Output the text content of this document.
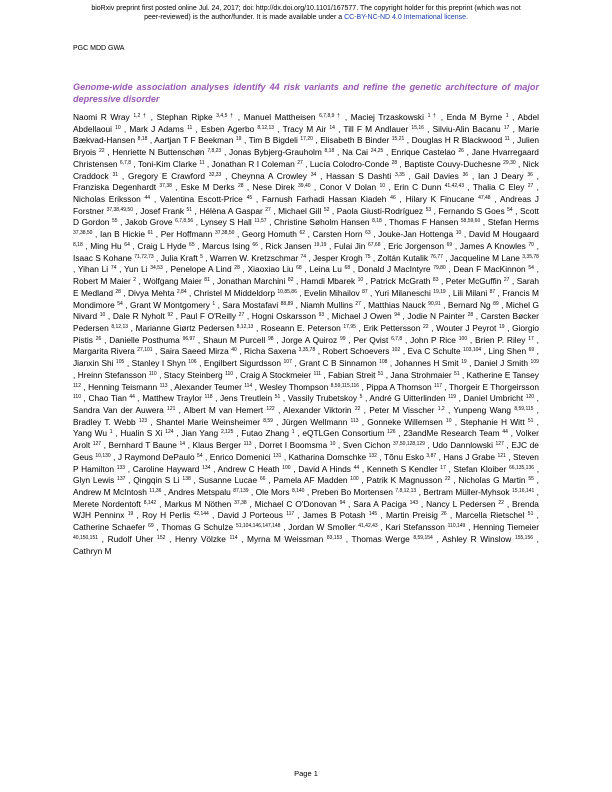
bioRxiv preprint first posted online Jul. 24, 2017; doi: http://dx.doi.org/10.1101/167577. The copyright holder for this preprint (which was not
peer-reviewed) is the author/funder. It is made available under a CC-BY-NC-ND 4.0 International license.
PGC MDD GWA
Genome-wide association analyses identify 44 risk variants and refine the genetic architecture of major depressive disorder
Naomi R Wray $^{1,2 \dagger}$ , Stephan Ripke $^{3,4,5 \dagger}$ , Manuel Mattheisen $^{6,7,8,9 \dagger}$ , Maciej Trzaskowski $^{1 \dagger}$ , Enda M Byrne $^1$ , Abdel Abdellaoui $^{10}$ , Mark J Adams $^{11}$ , Esben Agerbo $^{8,12,13}$ , Tracy M Air $^{14}$ , Till F M Andlauer $^{15,16}$ , Silviu-Alin Bacanu $^{17}$ , Marie Bækvad-Hansen $^{8,18}$ , Aartjan T F Beekman $^{19}$ , Tim B Bigdeli $^{17,20}$ , Elisabeth B Binder $^{15,21}$ , Douglas H R Blackwood $^{11}$ , Julien Bryois $^{22}$ , Henriette N Buttenschøn $^{7,8,23}$ , Jonas Bybjerg-Grauholm $^{8,18}$ , Na Cai $^{24,25}$ , Enrique Castelao $^{26}$ , Jane Hvarregaard Christensen $^{6,7,8}$ , Toni-Kim Clarke $^{11}$ , Jonathan R I Coleman $^{27}$ , Lucía Colodro-Conde $^{28}$ , Baptiste Couvy-Duchesne $^{29,30}$ , Nick Craddock $^{31}$ , Gregory E Crawford $^{32,33}$ , Cheynna A Crowley $^{34}$ , Hassan S Dashti $^{3,35}$ , Gail Davies $^{36}$ , Ian J Deary $^{36}$ , Franziska Degenhardt $^{37,38}$ , Eske M Derks $^{28}$ , Nese Direk $^{39,40}$ , Conor V Dolan $^{10}$ , Erin C Dunn $^{41,42,43}$ , Thalia C Eley $^{27}$ , Nicholas Eriksson $^{44}$ , Valentina Escott-Price $^{45}$ , Farnush Farhadi Hassan Kiadeh $^{46}$ , Hilary K Finucane $^{47,48}$ , Andreas J Forstner $^{37,38,49,50}$ , Josef Frank $^{51}$ , Hélèna A Gaspar $^{27}$ , Michael Gill $^{52}$ , Paola Giusti-Rodríguez $^{53}$ , Fernando S Goes $^{54}$ , Scott D Gordon $^{55}$ , Jakob Grove $^{6,7,8,56}$ , Lynsey S Hall $^{11,57}$ , Christine Søholm Hansen $^{8,18}$ , Thomas F Hansen $^{58,59,60}$ , Stefan Herms $^{37,38,50}$ , Ian B Hickie $^{61}$ , Per Hoffmann $^{37,38,50}$ , Georg Homuth $^{62}$ , Carsten Horn $^{63}$ , Jouke-Jan Hottenga $^{10}$ , David M Hougaard $^{8,18}$ , Ming Hu $^{64}$ , Craig L Hyde $^{65}$ , Marcus Ising $^{66}$ , Rick Jansen $^{19,19}$ , Fulai Jin $^{67,68}$ , Eric Jorgenson $^{69}$ , James A Knowles $^{70}$ , Isaac S Kohane $^{71,72,73}$ , Julia Kraft $^5$ , Warren W. Kretzschmar $^{74}$ , Jesper Krogh $^{75}$ , Zoltán Kutalik $^{76,77}$ , Jacqueline M Lane $^{3,35,78}$ , Yihan Li $^{74}$ , Yun Li $^{34,53}$ , Penelope A Lind $^{28}$ , Xiaoxiao Liu $^{68}$ , Leina Lu $^{68}$ , Donald J MacIntyre $^{79,80}$ , Dean F MacKinnon $^{54}$ , Robert M Maier $^2$ , Wolfgang Maier $^{81}$ , Jonathan Marchini $^{82}$ , Hamdi Mbarek $^{10}$ , Patrick McGrath $^{83}$ , Peter McGuffin $^{27}$ , Sarah E Medland $^{28}$ , Divya Mehta $^{2,84}$ , Christel M Middeldorp $^{10,85,86}$ , Evelin Mihailov $^{87}$ , Yuri Milaneschi $^{19,19}$ , Lili Milani $^{87}$ , Francis M Mondimore $^{54}$ , Grant W Montgomery $^1$ , Sara Mostafavi $^{88,89}$ , Niamh Mullins $^{27}$ , Matthias Nauck $^{90,91}$ , Bernard Ng $^{89}$ , Michel G Nivard $^{10}$ , Dale R Nyholt $^{92}$ , Paul F O'Reilly $^{27}$ , Hogni Oskarsson $^{93}$ , Michael J Owen $^{94}$ , Jodie N Painter $^{28}$ , Carsten Bøcker Pedersen $^{8,12,13}$ , Marianne Giørtz Pedersen $^{8,12,13}$ , Roseann E. Peterson $^{17,95}$ , Erik Pettersson $^{22}$ , Wouter J Peyrot $^{19}$ , Giorgio Pistis $^{26}$ , Danielle Posthuma $^{96,97}$ , Shaun M Purcell $^{98}$ , Jorge A Quiroz $^{99}$ , Per Qvist $^{6,7,8}$ , John P Rice $^{100}$ , Brien P. Riley $^{17}$ , Margarita Rivera $^{27,101}$ , Saira Saeed Mirza $^{40}$ , Richa Saxena $^{3,35,78}$ , Robert Schoevers $^{102}$ , Eva C Schulte $^{103,104}$ , Ling Shen $^{69}$ , Jianxin Shi $^{105}$ , Stanley I Shyn $^{106}$ , Engilbert Sigurdsson $^{107}$ , Grant C B Sinnamon $^{108}$ , Johannes H Smit $^{19}$ , Daniel J Smith $^{109}$ , Hreinn Stefansson $^{110}$ , Stacy Steinberg $^{110}$ , Craig A Stockmeier $^{111}$ , Fabian Streit $^{51}$ , Jana Strohmaier $^{51}$ , Katherine E Tansey $^{112}$ , Henning Teismann $^{113}$ , Alexander Teumer $^{114}$ , Wesley Thompson $^{8,59,115,116}$ , Pippa A Thomson $^{117}$ , Thorgeir E Thorgeirsson $^{110}$ , Chao Tian $^{44}$ , Matthew Traylor $^{118}$ , Jens Treutlein $^{51}$ , Vassily Trubetskoy $^5$ , André G Uitterlinden $^{119}$ , Daniel Umbricht $^{120}$ , Sandra Van der Auwera $^{121}$ , Albert M van Hemert $^{122}$ , Alexander Viktorin $^{22}$ , Peter M Visscher $^{1,2}$ , Yunpeng Wang $^{8,59,115}$ , Bradley T. Webb $^{123}$ , Shantel Marie Weinsheimer $^{8,59}$ , Jürgen Wellmann $^{113}$ , Gonneke Willemsen $^{10}$ , Stephanie H Witt $^{51}$ , Yang Wu $^1$ , Hualin S Xi $^{124}$ , Jian Yang $^{2,125}$ , Futao Zhang $^1$ , eQTLGen Consortium $^{126}$ , 23andMe Research Team $^{44}$ , Volker Arolt $^{127}$ , Bernhard T Baune $^{14}$ , Klaus Berger $^{113}$ , Dorret I Boomsma $^{10}$ , Sven Cichon $^{37,50,128,129}$ , Udo Dannlowski $^{127}$ , EJC de Geus $^{10,130}$ , J Raymond DePaulo $^{54}$ , Enrico Domenici $^{131}$ , Katharina Domschke $^{132}$ , Tõnu Esko $^{3,87}$ , Hans J Grabe $^{121}$ , Steven P Hamilton $^{133}$ , Caroline Hayward $^{134}$ , Andrew C Heath $^{100}$ , David A Hinds $^{44}$ , Kenneth S Kendler $^{17}$ , Stefan Kloiber $^{66,135,136}$ , Glyn Lewis $^{137}$ , Qingqin S Li $^{138}$ , Susanne Lucae $^{66}$ , Pamela AF Madden $^{100}$ , Patrik K Magnusson $^{22}$ , Nicholas G Martin $^{55}$ , Andrew M McIntosh $^{11,36}$ , Andres Metspalu $^{87,139}$ , Ole Mors $^{8,140}$ , Preben Bo Mortensen $^{7,8,12,13}$ , Bertram Müller-Myhsok $^{15,16,141}$ , Merete Nordentoft $^{8,142}$ , Markus M Nöthen $^{37,38}$ , Michael C O'Donovan $^{94}$ , Sara A Paciga $^{143}$ , Nancy L Pedersen $^{22}$ , Brenda WJH Penninx $^{19}$ , Roy H Perlis $^{42,144}$ , David J Porteous $^{117}$ , James B Potash $^{145}$ , Martin Preisig $^{26}$ , Marcella Rietschel $^{51}$ , Catherine Schaefer $^{69}$ , Thomas G Schulze $^{51,104,146,147,148}$ , Jordan W Smoller $^{41,42,43}$ , Kari Stefansson $^{110,149}$ , Henning Tiemeier $^{40,150,151}$ , Rudolf Uher $^{152}$ , Henry Völzke $^{114}$ , Myrna M Weissman $^{83,153}$ , Thomas Werge $^{8,59,154}$ , Ashley R Winslow $^{155,156}$ , Cathryn M
Page 1
